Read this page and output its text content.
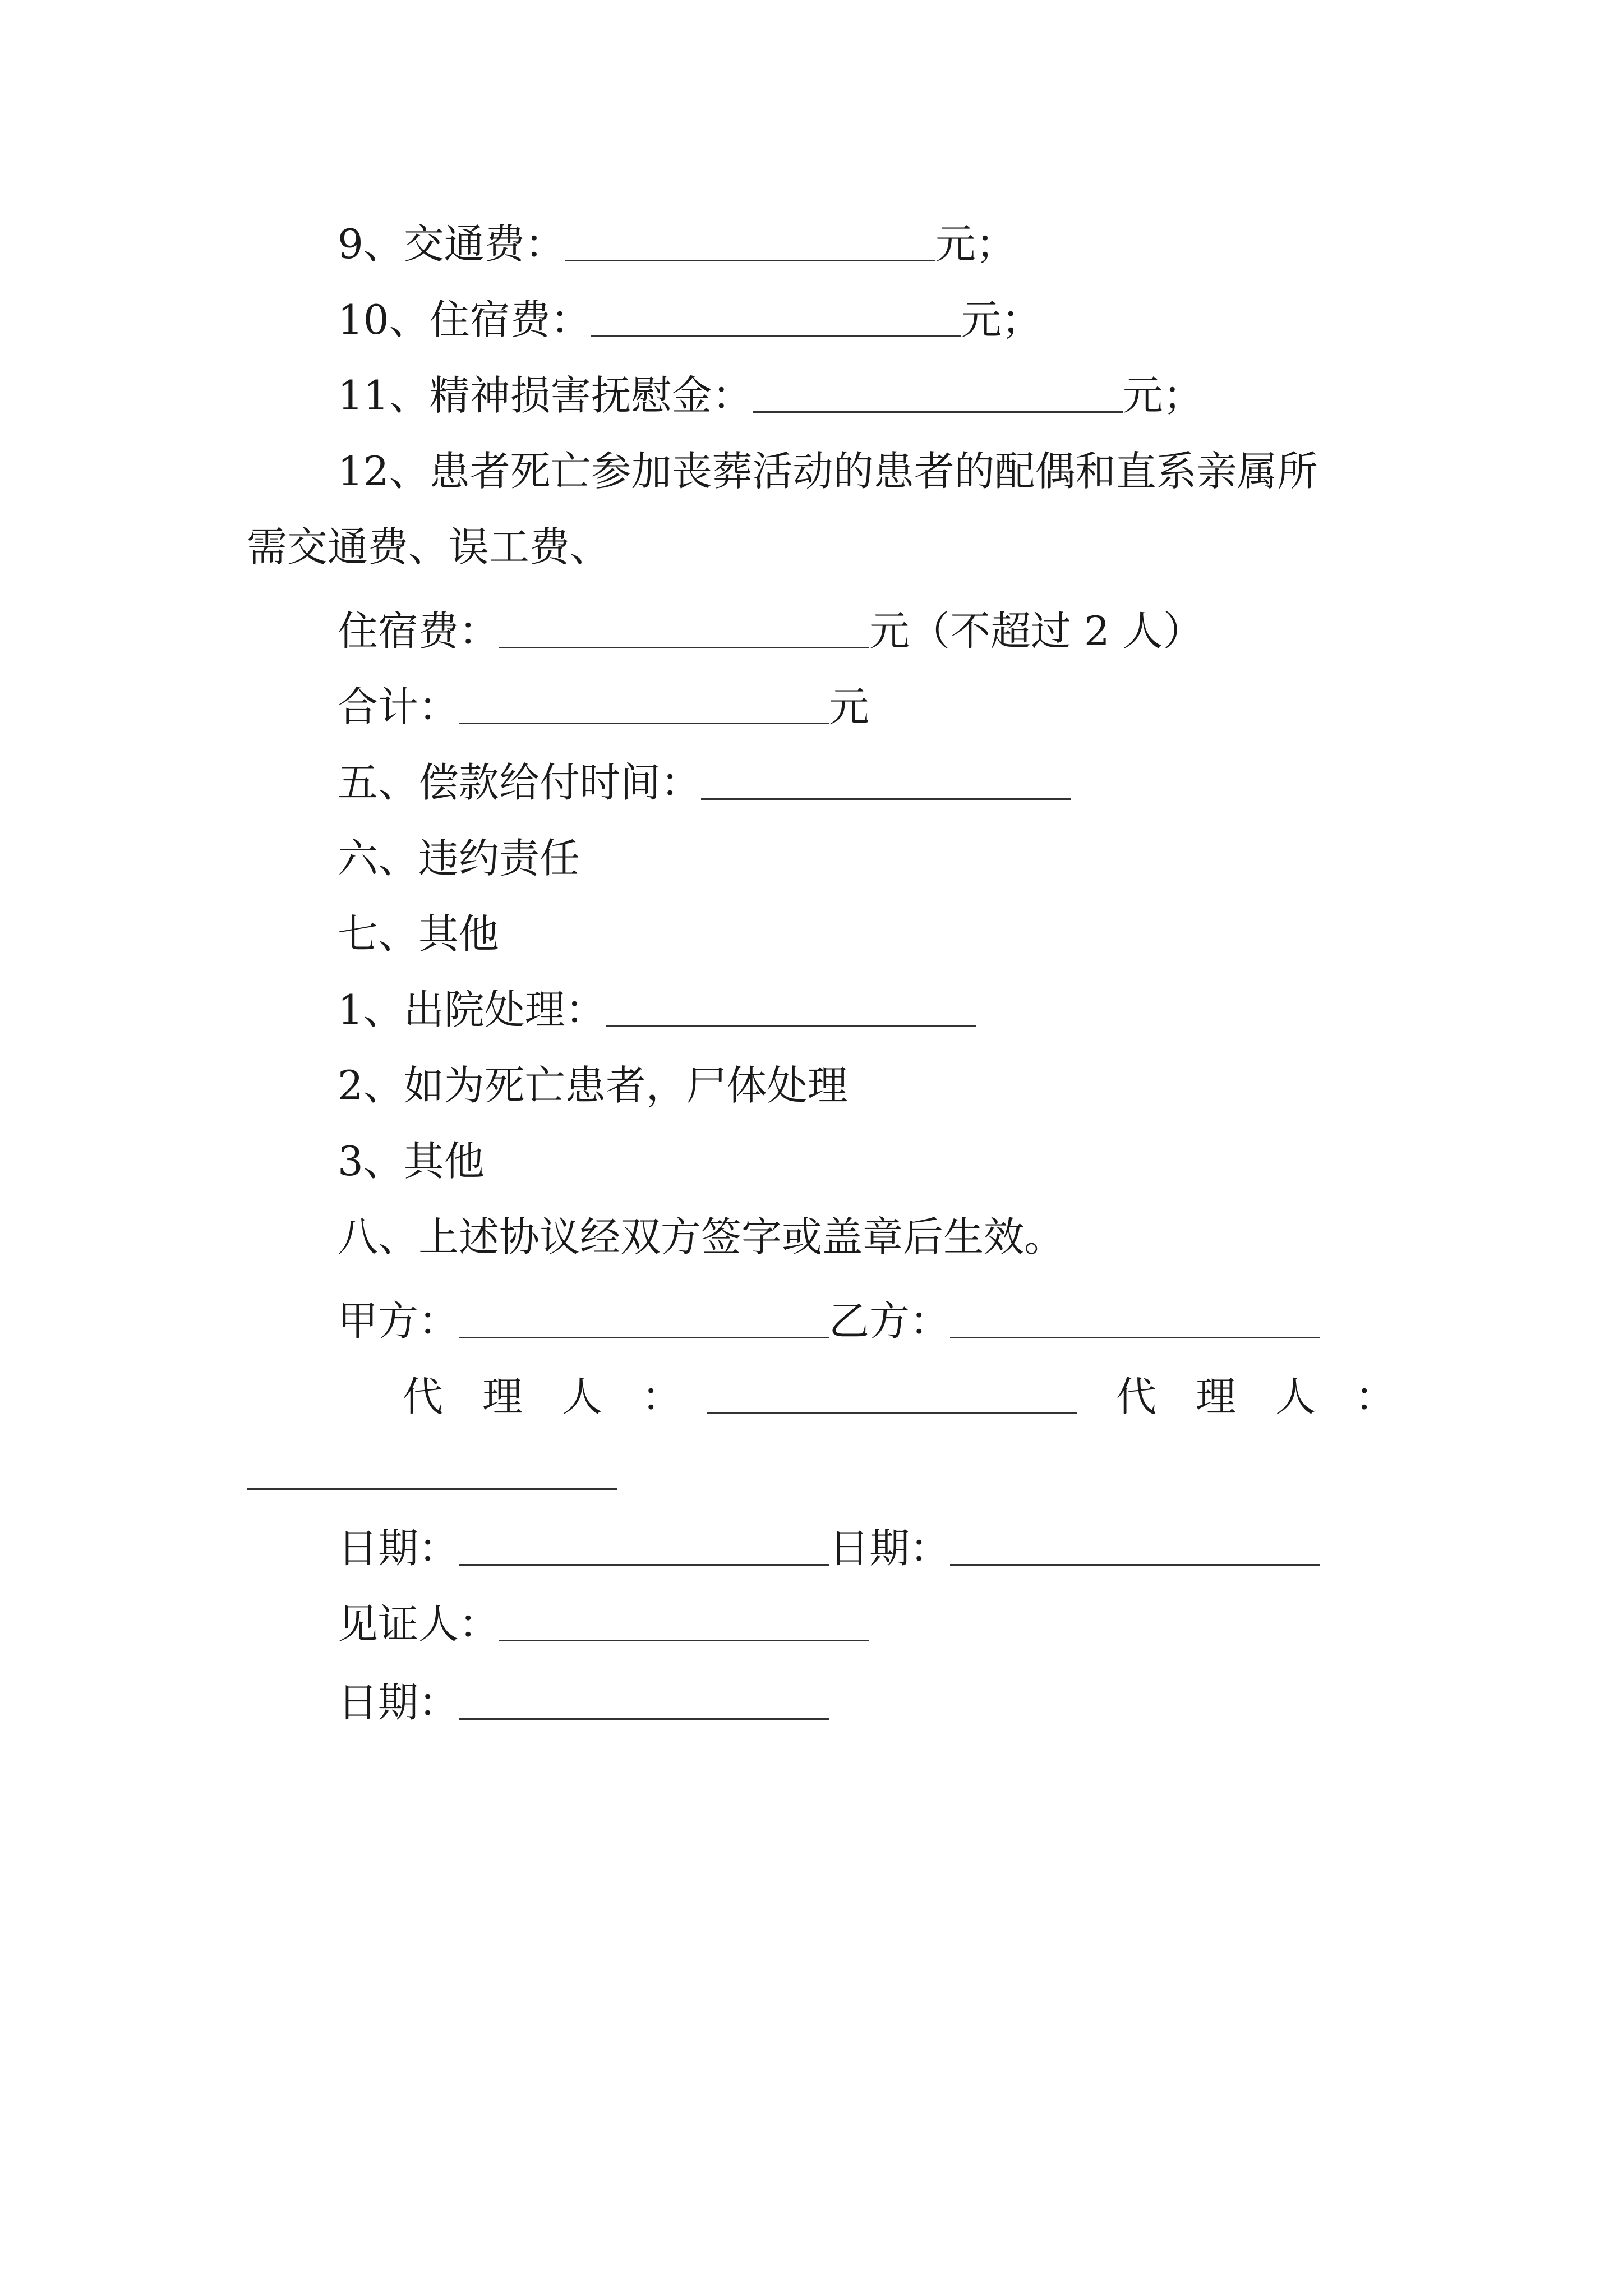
9、交通费：	元；
10、住宿费：	元；
11、精神损害抚慰金：	元；
12、患者死亡参加丧葬活动的患者的配偶和直系亲属所
需交通费、误工费、
住宿费：	元（不超过 2 人）
合计：	元
五、偿款给付时间：
六、违约责任
七、其他
1、出院处理：
2、如为死亡患者，尸体处理
3、其他
八、上述协议经双方签字或盖章后生效。
甲方：	乙方：
代 理 人 ：	代 理 人 ：
日期：	日期：
见证人：
日期：
